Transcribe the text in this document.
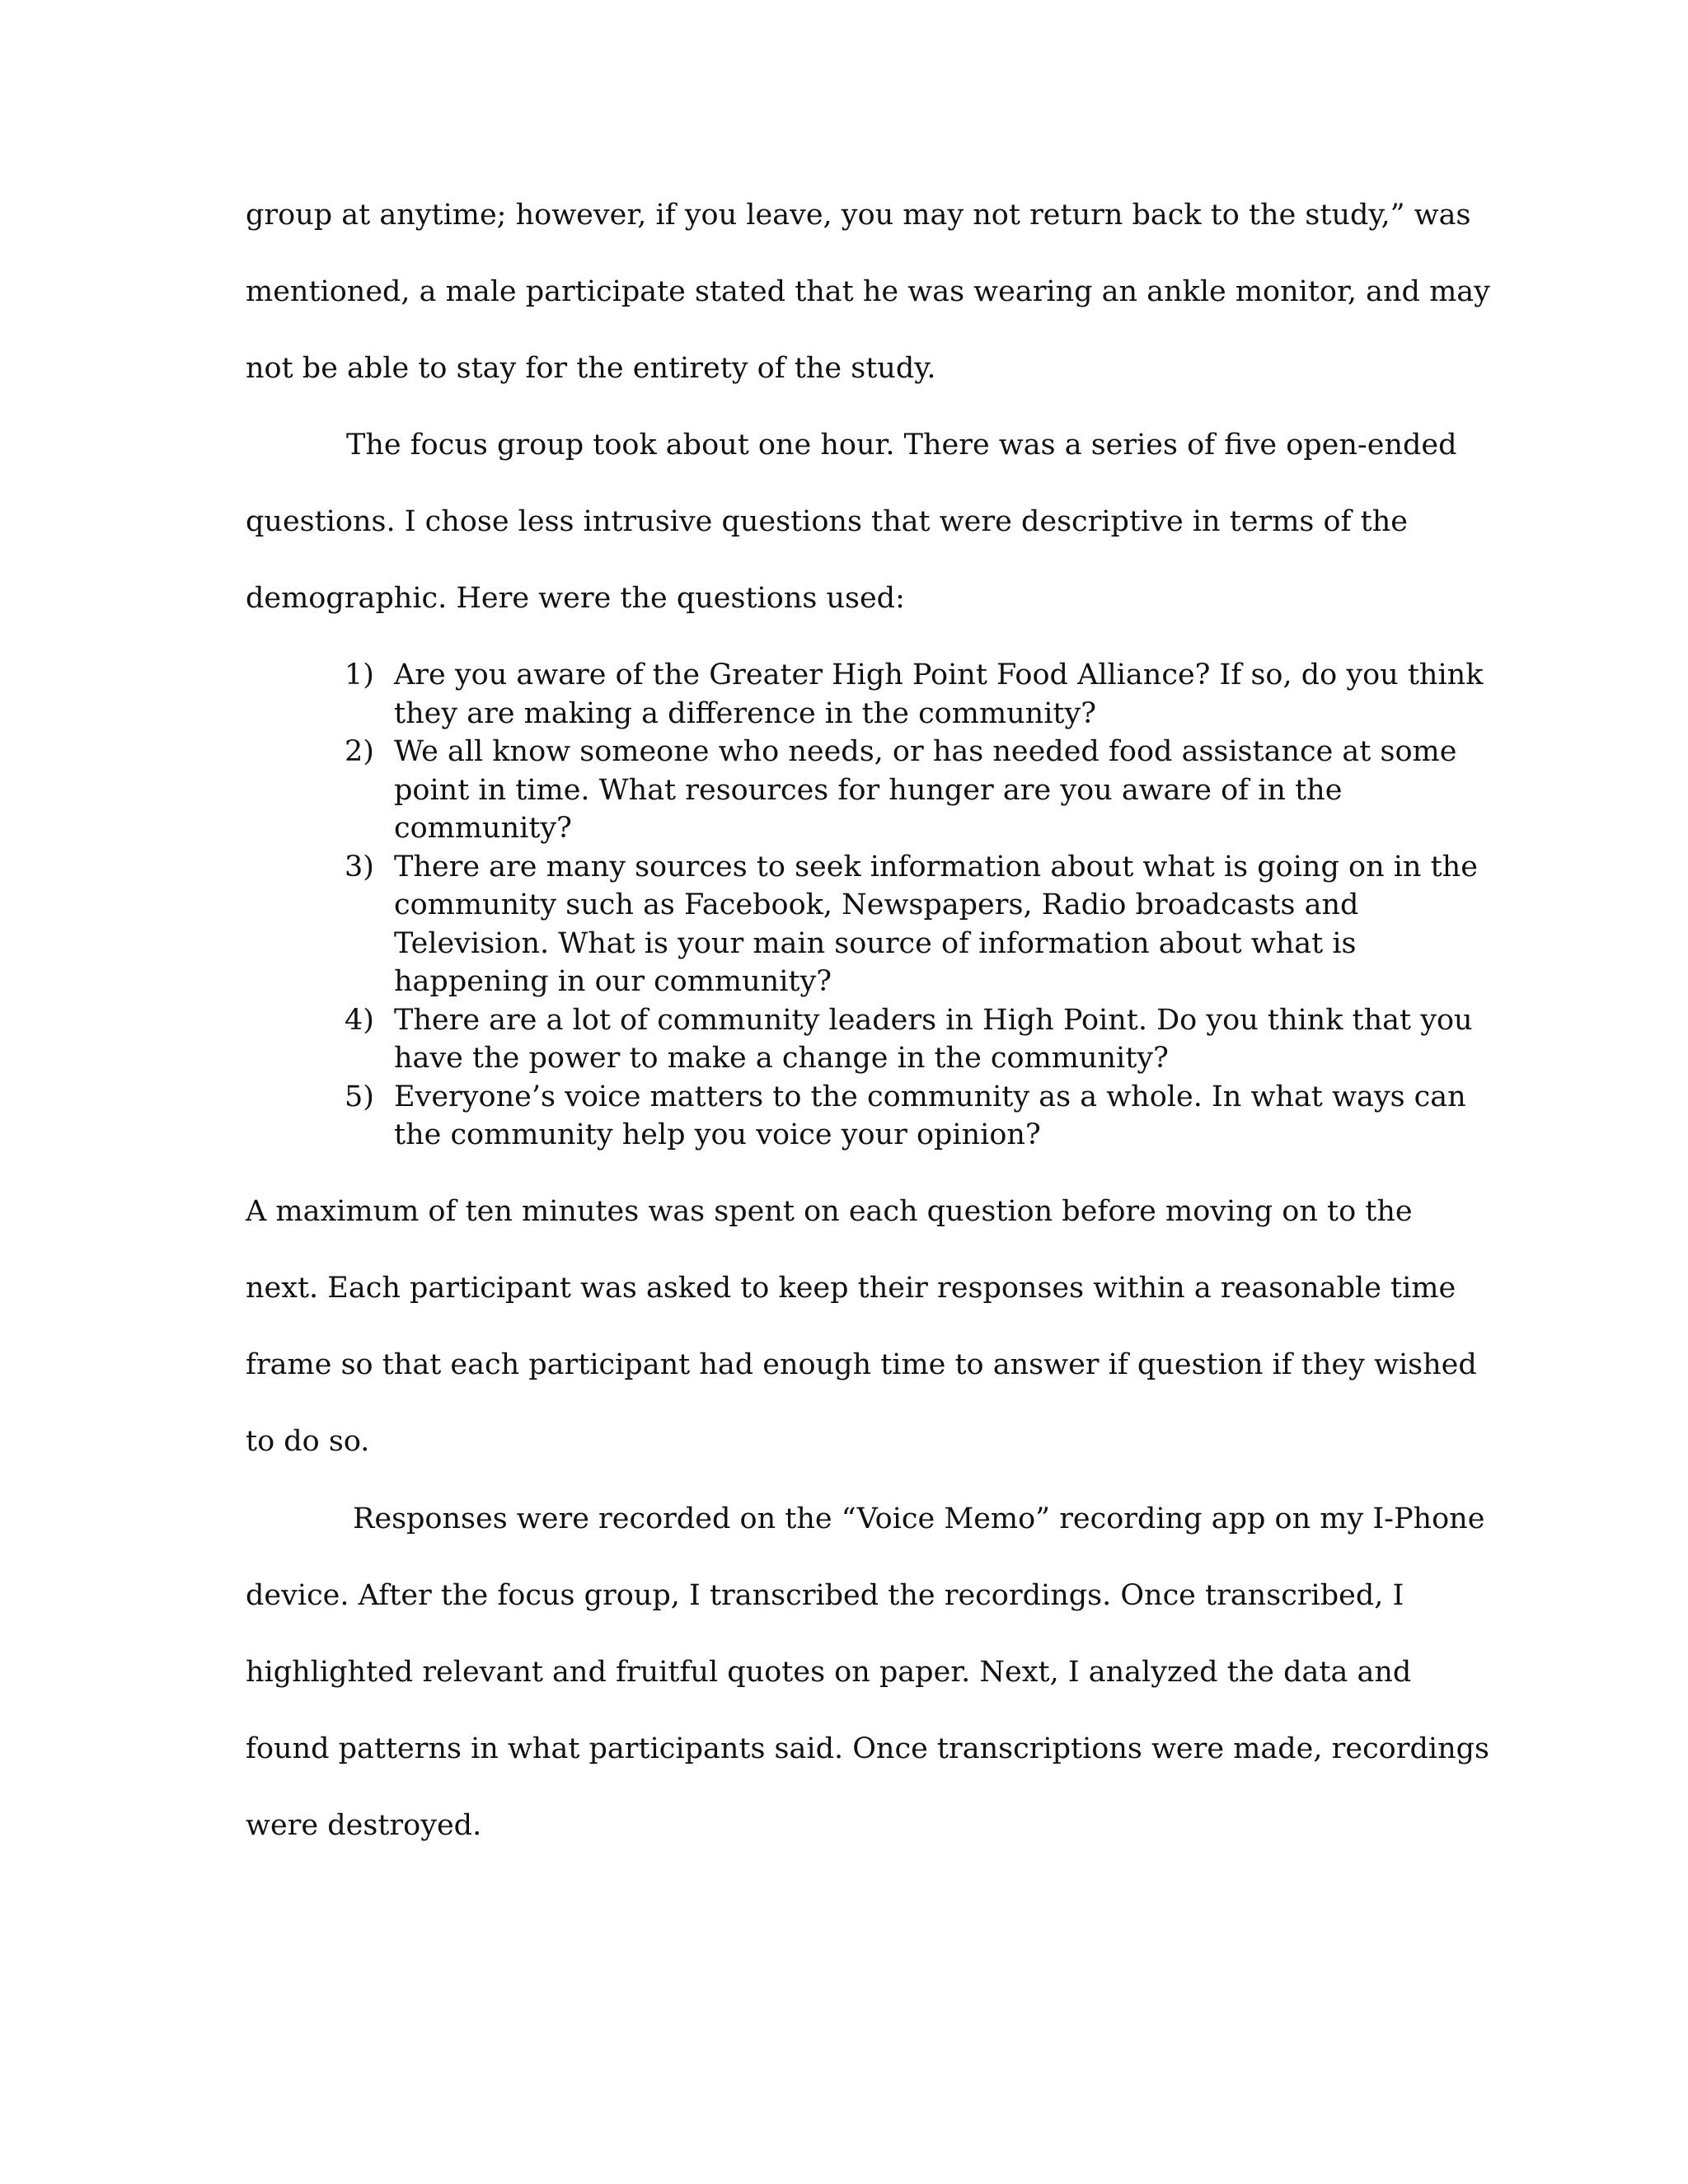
group at anytime; however, if you leave, you may not return back to the study,” was
mentioned, a male participate stated that he was wearing an ankle monitor, and may
not be able to stay for the entirety of the study.
The focus group took about one hour. There was a series of five open-ended
questions. I chose less intrusive questions that were descriptive in terms of the
demographic. Here were the questions used:
1) Are you aware of the Greater High Point Food Alliance? If so, do you think
they are making a difference in the community?
2) We all know someone who needs, or has needed food assistance at some
point in time. What resources for hunger are you aware of in the
community?
3) There are many sources to seek information about what is going on in the
community such as Facebook, Newspapers, Radio broadcasts and
Television. What is your main source of information about what is
happening in our community?
4) There are a lot of community leaders in High Point. Do you think that you
have the power to make a change in the community?
5) Everyone’s voice matters to the community as a whole. In what ways can
the community help you voice your opinion?
A maximum of ten minutes was spent on each question before moving on to the
next. Each participant was asked to keep their responses within a reasonable time
frame so that each participant had enough time to answer if question if they wished
to do so.
Responses were recorded on the “Voice Memo” recording app on my I-Phone
device. After the focus group, I transcribed the recordings. Once transcribed, I
highlighted relevant and fruitful quotes on paper. Next, I analyzed the data and
found patterns in what participants said. Once transcriptions were made, recordings
were destroyed.
